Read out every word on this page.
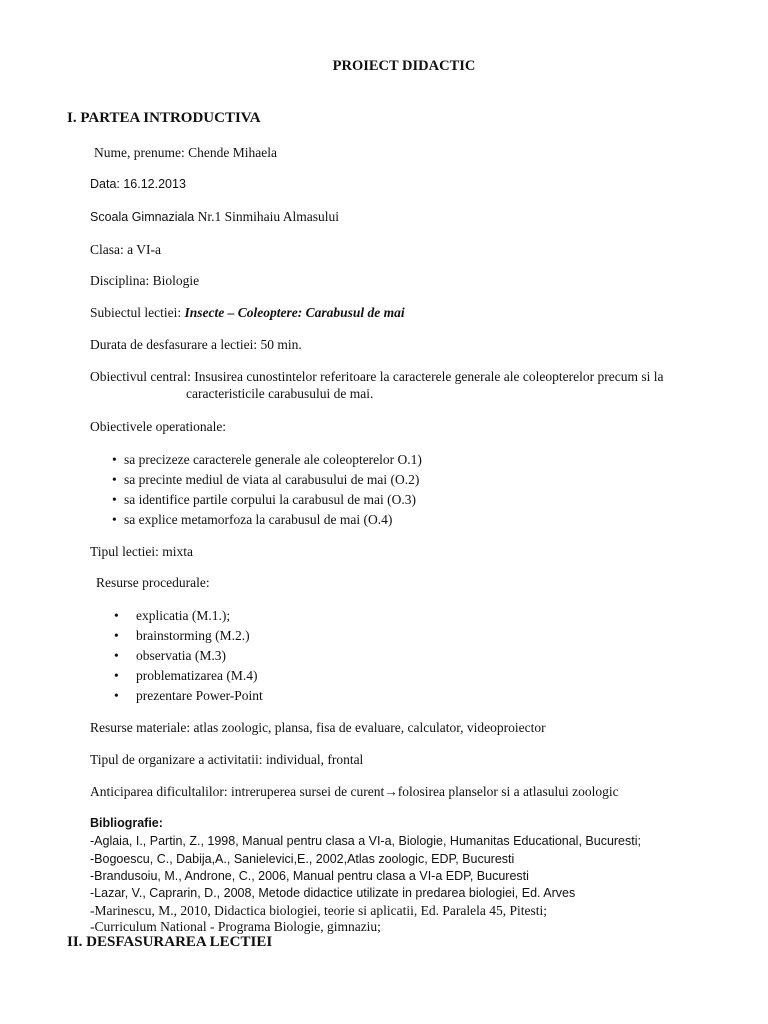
PROIECT DIDACTIC
I. PARTEA INTRODUCTIVA
Nume, prenume: Chende Mihaela
Data: 16.12.2013
Scoala Gimnaziala Nr.1 Sinmihaiu Almasului
Clasa: a VI-a
Disciplina: Biologie
Subiectul lectiei: Insecte – Coleoptere: Carabusul de mai
Durata de desfasurare a lectiei: 50 min.
Obiectivul central: Insusirea cunostintelor referitoare la caracterele generale ale coleopterelor precum si la
caracteristicile carabusului de mai.
Obiectivele operationale:
• sa precizeze caracterele generale ale coleopterelor O.1)
• sa precinte mediul de viata al carabusului de mai (O.2)
• sa identifice partile corpului la carabusul de mai (O.3)
• sa explice metamorfoza la carabusul de mai (O.4)
Tipul lectiei: mixta
Resurse procedurale:
• explicatia (M.1.);
• brainstorming (M.2.)
• observatia (M.3)
• problematizarea (M.4)
• prezentare Power-Point
Resurse materiale: atlas zoologic, plansa, fisa de evaluare, calculator, videoproiector
Tipul de organizare a activitatii: individual, frontal
Anticiparea dificultalilor: intreruperea sursei de curent→folosirea planselor si a atlasului zoologic
Bibliografie:
-Aglaia, I., Partin, Z., 1998, Manual pentru clasa a VI-a, Biologie, Humanitas Educational, Bucuresti;
-Bogoescu, C., Dabija,A., Sanielevici,E., 2002,Atlas zoologic, EDP, Bucuresti
-Brandusoiu, M., Androne, C., 2006, Manual pentru clasa a VI-a EDP, Bucuresti
-Lazar, V., Caprarin, D., 2008, Metode didactice utilizate in predarea biologiei, Ed. Arves
-Marinescu, M., 2010, Didactica biologiei, teorie si aplicatii, Ed. Paralela 45, Pitesti;
-Curriculum National - Programa Biologie, gimnaziu;
II. DESFASURAREA LECTIEI
